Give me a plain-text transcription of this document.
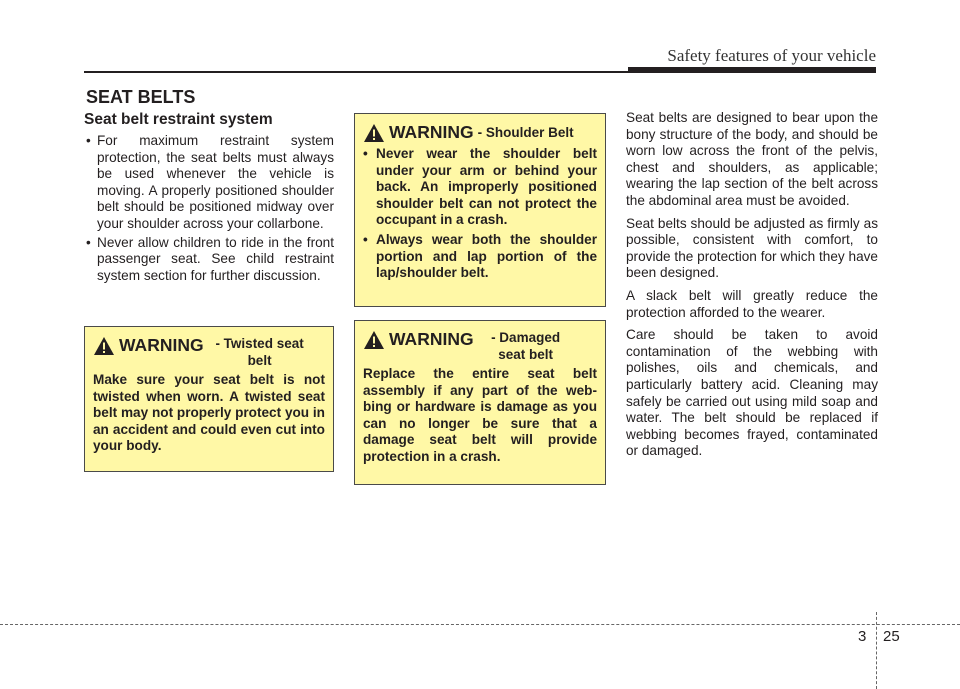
Safety features of your vehicle
SEAT BELTS
Seat belt restraint system
• For maximum restraint system protection, the seat belts must always be used whenever the vehicle is moving. A properly positioned shoulder belt should be positioned midway over your shoulder across your collarbone.
• Never allow children to ride in the front passenger seat. See child restraint system section for further discussion.
WARNING - Twisted seat belt
Make sure your seat belt is not twisted when worn. A twisted seat belt may not properly protect you in an accident and could even cut into your body.
WARNING - Shoulder Belt
• Never wear the shoulder belt under your arm or behind your back. An improperly positioned shoulder belt can not protect the occupant in a crash.
• Always wear both the shoulder portion and lap portion of the lap/shoulder belt.
WARNING	- Damaged seat belt
Replace the entire seat belt assembly if any part of the web-bing or hardware is damage as you can no longer be sure that a damage seat belt will provide protection in a crash.

Seat belts are designed to bear upon the bony structure of the body, and should be worn low across the front of the pelvis, chest and shoulders, as applicable; wearing the lap section of the belt across the abdominal area must be avoided.

Seat belts should be adjusted as firmly as possible, consistent with comfort, to provide the protection for which they have been designed.

A slack belt will greatly reduce the protection afforded to the wearer.

Care should be taken to avoid contamination of the webbing with polishes, oils and chemicals, and particularly battery acid. Cleaning may safely be carried out using mild soap and water. The belt should be replaced if webbing becomes frayed, contaminated or damaged.

3 25
